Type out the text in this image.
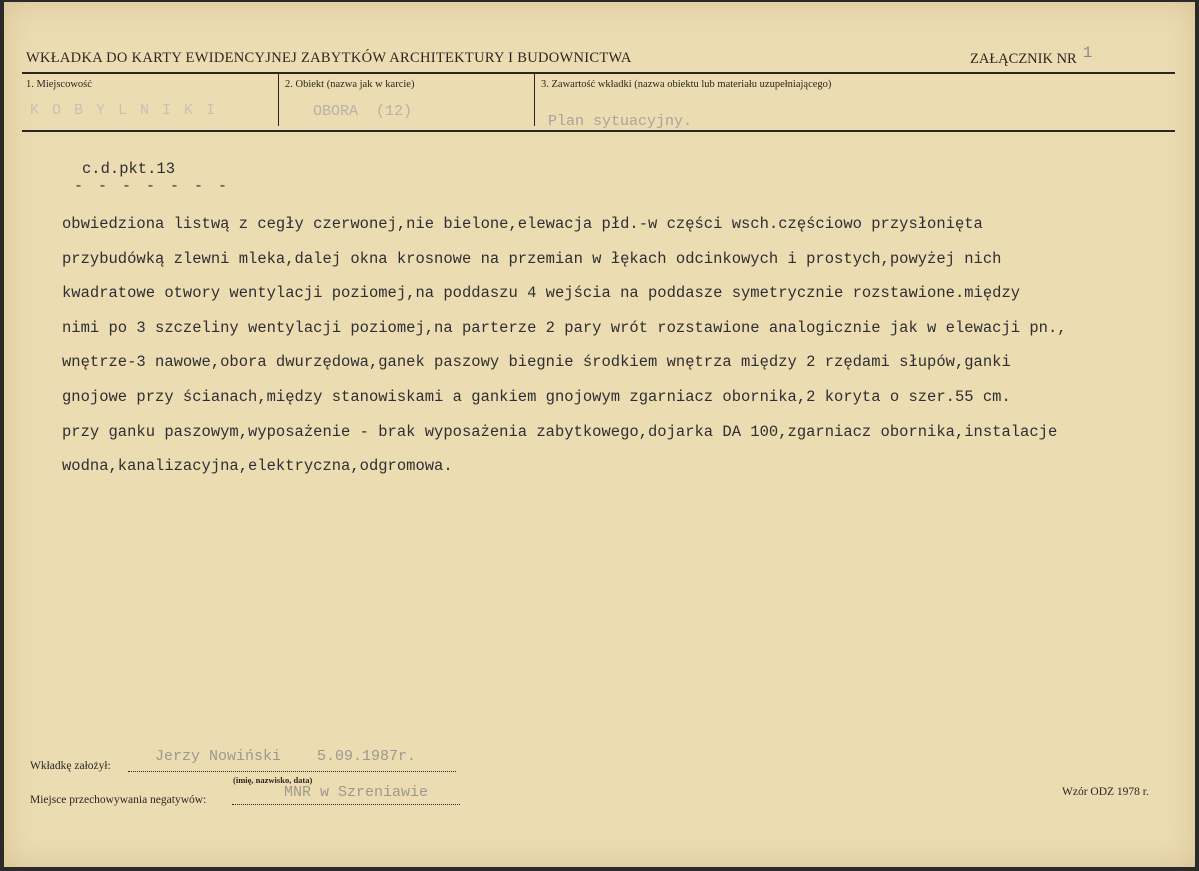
WKŁADKA DO KARTY EWIDENCYJNEJ ZABYTKÓW ARCHITEKTURY I BUDOWNICTWA	ZAŁĄCZNIK NR 1
1. Miejscowość
K O B Y L N I K I
2. Obiekt (nazwa jak w karcie)
OBORA  (12)
3. Zawartość wkładki (nazwa obiektu lub materiału uzupełniającego)
Plan sytuacyjny.
c.d.pkt.13
- - - - - - -
obwiedziona listwą z cegły czerwonej,nie bielone,elewacja płd.-w części wsch.częściowo przysłonięta
przybudówką zlewni mleka,dalej okna krosnowe na przemian w łękach odcinkowych i prostych,powyżej nich
kwadratowe otwory wentylacji poziomej,na poddaszu 4 wejścia na poddasze symetrycznie rozstawione.między
nimi po 3 szczeliny wentylacji poziomej,na parterze 2 pary wrót rozstawione analogicznie jak w elewacji pn.,
wnętrze-3 nawowe,obora dwurzędowa,ganek paszowy biegnie środkiem wnętrza między 2 rzędami słupów,ganki
gnojowe przy ścianach,między stanowiskami a gankiem gnojowym zgarniacz obornika,2 koryta o szer.55 cm.
przy ganku paszowym,wyposażenie - brak wyposażenia zabytkowego,dojarka DA 100,zgarniacz obornika,instalacje
wodna,kanalizacyjna,elektryczna,odgromowa.
Wkładkę założył:
Jerzy Nowiński    5.09.1987r.
(imię, nazwisko, data)
Miejsce przechowywania negatywów:	MNR w Szreniawie	Wzór ODZ 1978 r.
